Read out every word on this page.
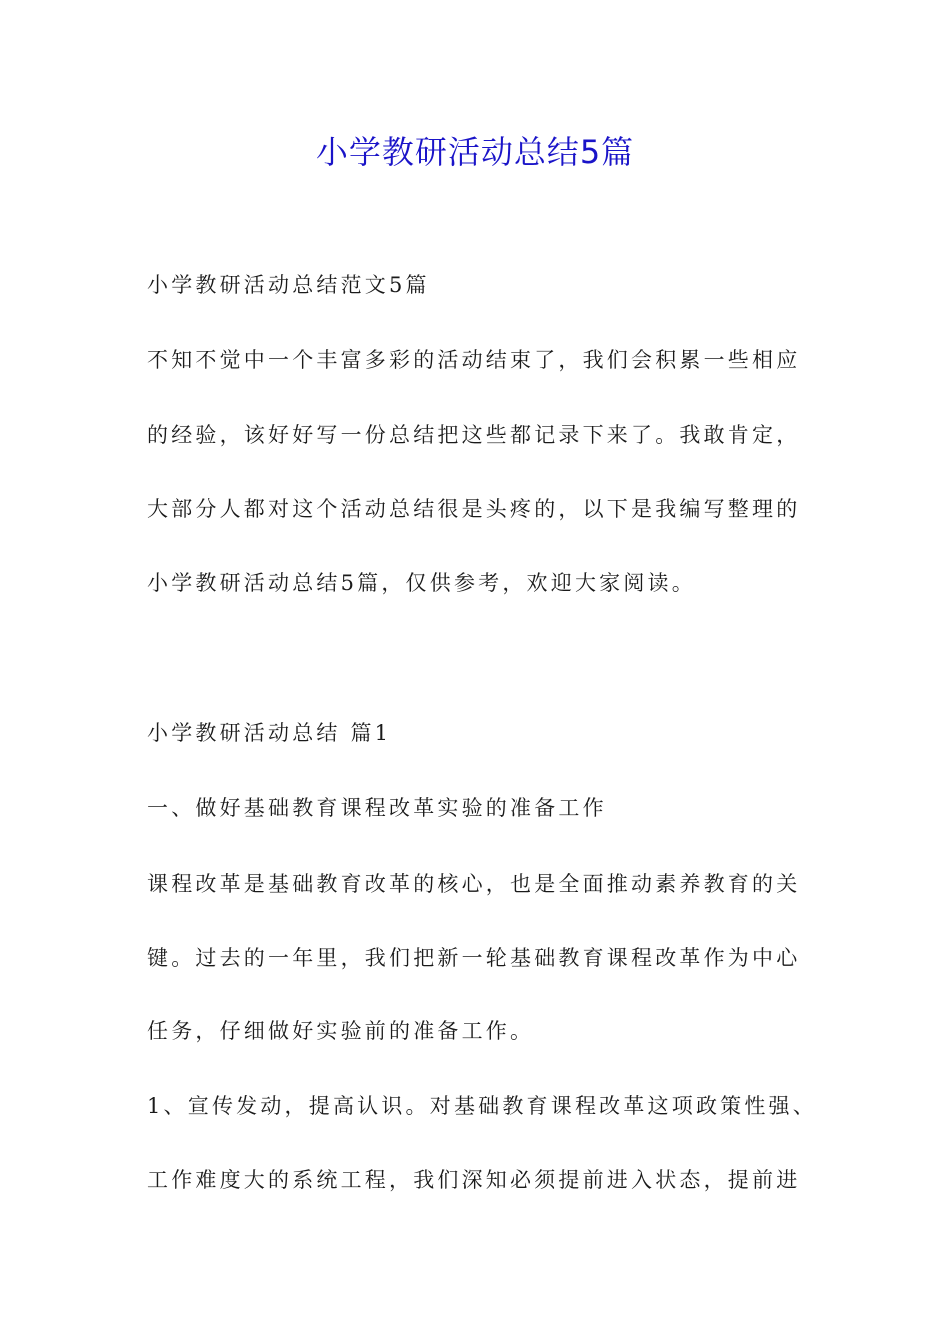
小学教研活动总结5篇
小学教研活动总结范文5篇
不知不觉中一个丰富多彩的活动结束了，我们会积累一些相应
的经验，该好好写一份总结把这些都记录下来了。我敢肯定，
大部分人都对这个活动总结很是头疼的，以下是我编写整理的
小学教研活动总结5篇，仅供参考，欢迎大家阅读。
小学教研活动总结 篇1
一、做好基础教育课程改革实验的准备工作
课程改革是基础教育改革的核心，也是全面推动素养教育的关
键。过去的一年里，我们把新一轮基础教育课程改革作为中心
任务，仔细做好实验前的准备工作。
1、宣传发动，提高认识。对基础教育课程改革这项政策性强、
工作难度大的系统工程，我们深知必须提前进入状态，提前进
